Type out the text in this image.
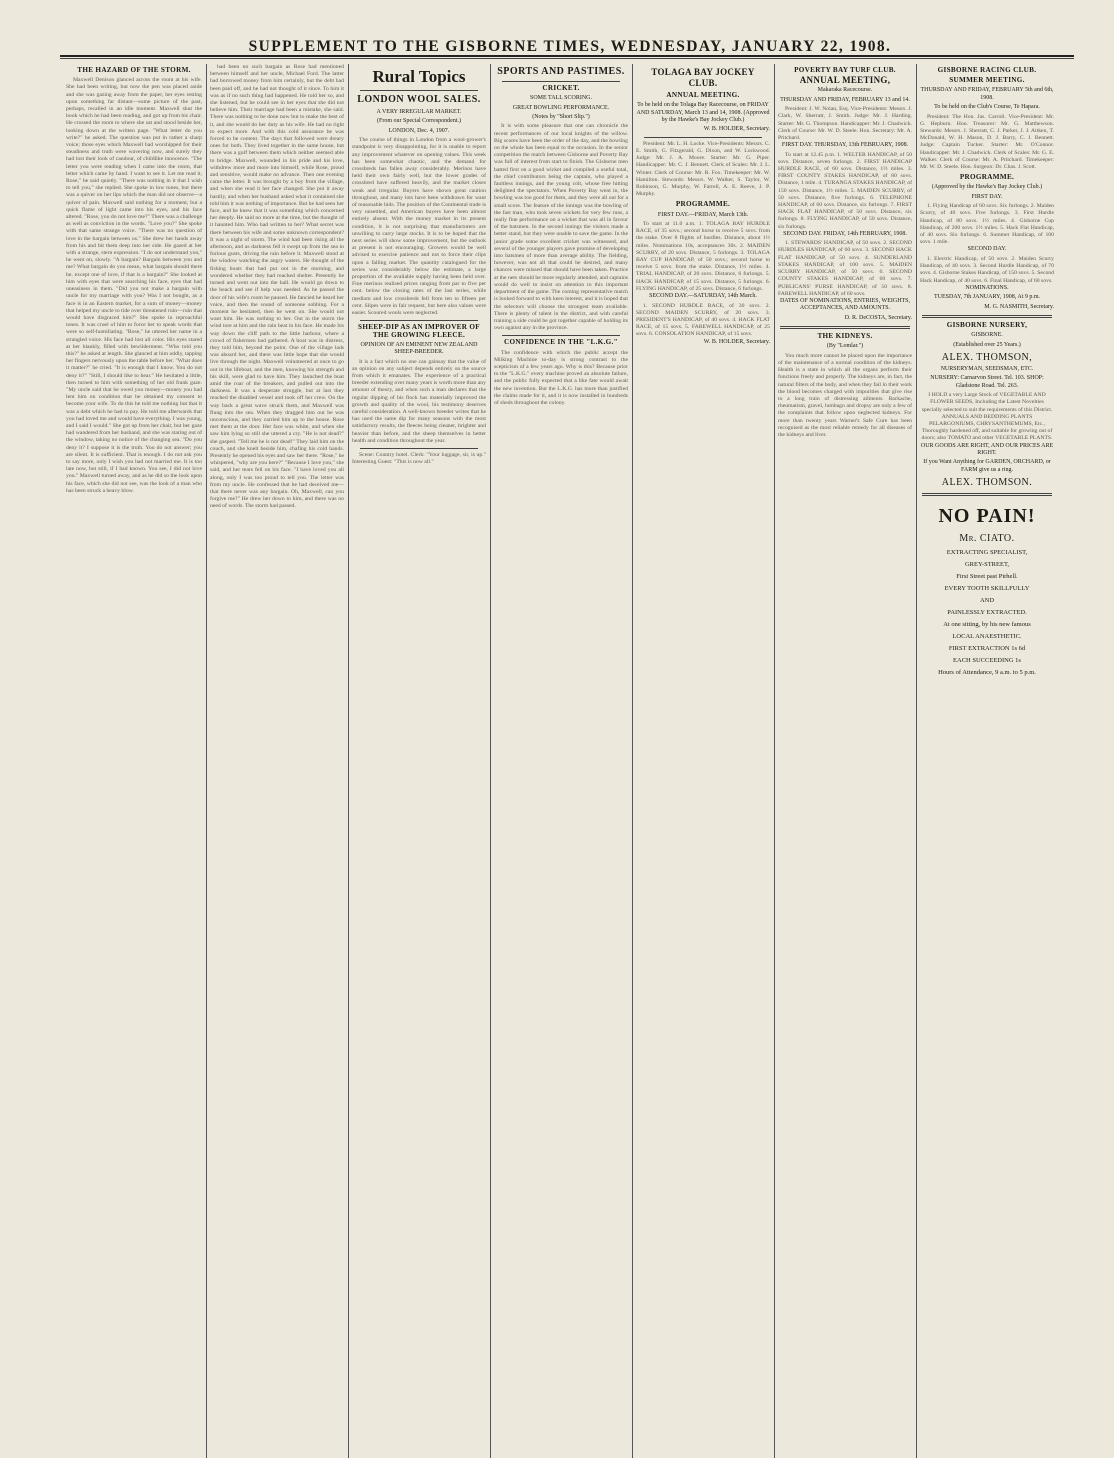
SUPPLEMENT TO THE GISBORNE TIMES, WEDNESDAY, JANUARY 22, 1908.
THE HAZARD OF THE STORM.

Maxwell Denison glanced across the room at his wife. She had been writing, but now the pen was placed aside and she was gazing away from the paper, her eyes resting upon something far distant—some picture of the past, perhaps, recalled in an idle moment. Maxwell shut the book which he had been reading, and got up from his chair. He crossed the room to where she sat and stood beside her, looking down at the written page. "What letter do you write?" he asked. The question was put in rather a sharp voice; those eyes which Maxwell had worshipped for their steadiness and truth were wavering now, and surely they had lost their look of candour, of childlike innocence. "The letter you were reading when I came into the room, that letter which came by hand. I want to see it. Let me read it, Rose," he said quietly. "There was nothing in it that I wish to tell you," she replied. She spoke in low tones, but there was a quiver on her lips which the man did not observe—a quiver of pain. Maxwell said nothing for a moment, but a quick flame of light came into his eyes, and his face altered. "Rose, you do not love me?" There was a challenge as well as conviction in the words. "Love you?" She spoke with that same strange voice. "There was no question of love in the bargain between us." She drew her hands away from his and bit them deep into her side. He gazed at her with a strange, stern expression. "I do not understand you," he went on, slowly. "A bargain? Bargain between you and me? What bargain do you mean, what bargain should there be, except one of love, if that is a bargain?" She looked at him with eyes that were searching his face, eyes that had uneasiness in them. "Did you not make a bargain with uncle for my marriage with you? Was I not bought, as a face is in an Eastern market, for a sum of money—money that helped my uncle to tide over threatened ruin—ruin that would have disgraced him?" She spoke in reproachful tones. It was cruel of him to force her to speak words that were so self-humiliating. "Rose," he uttered her name in a strangled voice. His face had lost all color. His eyes stared at her blankly, filled with bewilderment. "Who told you this?" he asked at length. She glanced at him oddly, tapping her fingers nervously upon the table before her. "What does it matter?" he cried. "It is enough that I know. You do not deny it?" "Still, I should like to hear." He hesitated a little, then turned to him with something of her old frank gaze. "My uncle said that he owed you money—money you had lent him on condition that he obtained my consent to become your wife. To do this he told me nothing but that it was a debt which he had to pay. He told me afterwards that you had loved me and would have everything. I was young, and I said I would." She got up from her chair, but her gaze had wandered from her husband, and she was staring out of the window, taking no notice of the changing sea. "Do you deny it? I suppose it is the truth. You do not answer; you are silent. It is sufficient. That is enough. I do not ask you to say more, only I wish you had not married me. It is too late now, but still, if I had known. You see, I did not love you." Maxwell turned away, and as he did so the look upon his face, which she did not see, was the look of a man who has been struck a heavy blow.

had been no such bargain as Rose had mentioned between himself and her uncle, Michael Ford. The latter had borrowed money from him certainly, but the debt had been paid off, and he had not thought of it since. To him it was as if no such thing had happened. He told her so, and she listened, but he could see in her eyes that she did not believe him. Their marriage had been a mistake, she said. There was nothing to be done now but to make the best of it, and she would do her duty as his wife. He had no right to expect more. And with this cold assurance he was forced to be content. The days that followed were dreary ones for both. They lived together in the same house, but there was a gulf between them which neither seemed able to bridge. Maxwell, wounded in his pride and his love, withdrew more and more into himself, while Rose, proud and sensitive, would make no advance. Then one evening came the letter. It was brought by a boy from the village, and when she read it her face changed. She put it away hastily, and when her husband asked what it contained she told him it was nothing of importance. But he had seen her face, and he knew that it was something which concerned her deeply. He said no more at the time, but the thought of it haunted him. Who had written to her? What secret was there between his wife and some unknown correspondent? It was a night of storm. The wind had been rising all the afternoon, and as darkness fell it swept up from the sea in furious gusts, driving the rain before it. Maxwell stood at the window watching the angry waters. He thought of the fishing boats that had put out in the morning, and wondered whether they had reached shelter. Presently he turned and went out into the hall. He would go down to the beach and see if help was needed. As he passed the door of his wife's room he paused. He fancied he heard her voice, and then the sound of someone sobbing. For a moment he hesitated, then he went on. She would not want him. He was nothing to her. Out in the storm the wind tore at him and the rain beat in his face. He made his way down the cliff path to the little harbour, where a crowd of fishermen had gathered. A boat was in distress, they told him, beyond the point. One of the village lads was aboard her, and there was little hope that she would live through the night. Maxwell volunteered at once to go out in the lifeboat, and the men, knowing his strength and his skill, were glad to have him. They launched the boat amid the roar of the breakers, and pulled out into the darkness. It was a desperate struggle, but at last they reached the disabled vessel and took off her crew. On the way back a great wave struck them, and Maxwell was flung into the sea. When they dragged him out he was unconscious, and they carried him up to the house. Rose met them at the door. Her face was white, and when she saw him lying so still she uttered a cry. "He is not dead?" she gasped. "Tell me he is not dead!" They laid him on the couch, and she knelt beside him, chafing his cold hands. Presently he opened his eyes and saw her there. "Rose," he whispered, "why are you here?" "Because I love you," she said, and her tears fell on his face. "I have loved you all along, only I was too proud to tell you. The letter was from my uncle. He confessed that he had deceived me—that there never was any bargain. Oh, Maxwell, can you forgive me?" He drew her down to him, and there was no need of words. The storm had passed.

Rural Topics
LONDON WOOL SALES.
A VERY IRREGULAR MARKET.
(From our Special Correspondent.)
LONDON, Dec. 4, 1907.

The course of things in London from a wool-grower's standpoint is very disappointing, for it is unable to report any improvement whatever on opening values. This week has been somewhat chaotic, and the demand for crossbreds has fallen away considerably. Merinos have held their own fairly well, but the lower grades of crossbred have suffered heavily, and the market closes weak and irregular. Buyers have shown great caution throughout, and many lots have been withdrawn for want of reasonable bids. The position of the Continental trade is very unsettled, and American buyers have been almost entirely absent. With the money market in its present condition, it is not surprising that manufacturers are unwilling to carry large stocks. It is to be hoped that the next series will show some improvement, but the outlook at present is not encouraging. Growers would be well advised to exercise patience and not to force their clips upon a falling market. The quantity catalogued for the series was considerably below the estimate, a large proportion of the available supply having been held over. Fine merinos realised prices ranging from par to five per cent. below the closing rates of the last series, while medium and low crossbreds fell from ten to fifteen per cent. Slipes were in fair request, but here also values were easier. Scoured wools were neglected.

SHEEP-DIP AS AN IMPROVER OF THE GROWING FLEECE.
OPINION OF AN EMINENT NEW ZEALAND SHEEP-BREEDER.

It is a fact which no one can gainsay that the value of an opinion on any subject depends entirely on the source from which it emanates. The experience of a practical breeder extending over many years is worth more than any amount of theory, and when such a man declares that the regular dipping of his flock has materially improved the growth and quality of the wool, his testimony deserves careful consideration. A well-known breeder writes that he has used the same dip for many seasons with the most satisfactory results, the fleeces being cleaner, brighter and heavier than before, and the sheep themselves in better health and condition throughout the year.

Scene: Country hotel. Clerk: "Your luggage, sir, is up." Interesting Guest: "This is now all."

SPORTS AND PASTIMES.
CRICKET.
SOME TALL SCORING.
GREAT BOWLING PERFORMANCE.
(Notes by "Short Slip.")

It is with some pleasure that one can chronicle the recent performances of our local knights of the willow. Big scores have been the order of the day, and the bowling on the whole has been equal to the occasion. In the senior competition the match between Gisborne and Poverty Bay was full of interest from start to finish. The Gisborne men batted first on a good wicket and compiled a useful total, the chief contributors being the captain, who played a faultless innings, and the young colt, whose free hitting delighted the spectators. When Poverty Bay went in, the bowling was too good for them, and they were all out for a small score. The feature of the innings was the bowling of the fast man, who took seven wickets for very few runs, a really fine performance on a wicket that was all in favour of the batsmen. In the second innings the visitors made a better stand, but they were unable to save the game. In the junior grade some excellent cricket was witnessed, and several of the younger players gave promise of developing into batsmen of more than average ability. The fielding, however, was not all that could be desired, and many chances were missed that should have been taken. Practice at the nets should be more regularly attended, and captains would do well to insist on attention to this important department of the game. The coming representative match is looked forward to with keen interest, and it is hoped that the selectors will choose the strongest team available. There is plenty of talent in the district, and with careful training a side could be got together capable of holding its own against any in the province.

CONFIDENCE IN THE "L.K.G."

The confidence with which the public accept the Milking Machine to-day is strong contrast to the scepticism of a few years ago. Why is this? Because prior to the "L.K.G." every machine proved an absolute failure, and the public fully expected that a like fate would await the new invention. But the L.K.G. has more than justified the claims made for it, and it is now installed in hundreds of sheds throughout the colony.

TOLAGA BAY JOCKEY CLUB.
ANNUAL MEETING.
To be held on the Tolaga Bay Racecourse, on FRIDAY AND SATURDAY, March 13 and 14, 1908. (Approved by the Hawke's Bay Jockey Club.)
W. B. HOLDER, Secretary.

President: Mr. L. H. Locke. Vice-Presidents: Messrs. C. E. Smith, G. Fitzgerald, G. Dixon, and W. Lockwood. Judge: Mr. J. A. Moore. Starter: Mr. G. Piper. Handicapper: Mr. C. J. Bennett. Clerk of Scales: Mr. J. L. Winter. Clerk of Course: Mr. R. Fox. Timekeeper: Mr. W. Hamilton. Stewards: Messrs. W. Walker, S. Taylor, W. Robinson, G. Murphy, W. Farrell, A. E. Reeve, J. P. Murphy.

PROGRAMME.
FIRST DAY.—FRIDAY, March 13th.

To start at 11.0 a.m. 1. TOLAGA BAY HURDLE RACE, of 35 sovs.; second horse to receive 5 sovs. from the stake. Over 8 flights of hurdles. Distance, about 1½ miles. Nominations 10s, acceptances 30s. 2. MAIDEN SCURRY, of 20 sovs. Distance, 5 furlongs. 3. TOLAGA BAY CUP HANDICAP, of 50 sovs.; second horse to receive 5 sovs. from the stake. Distance, 1½ miles. 4. TRIAL HANDICAP, of 20 sovs. Distance, 6 furlongs. 5. HACK HANDICAP, of 15 sovs. Distance, 5 furlongs. 6. FLYING HANDICAP, of 25 sovs. Distance, 6 furlongs.

SECOND DAY.—SATURDAY, 14th March.

1. SECOND HURDLE RACE, of 30 sovs. 2. SECOND MAIDEN SCURRY, of 20 sovs. 3. PRESIDENT'S HANDICAP, of 40 sovs. 4. HACK FLAT RACE, of 15 sovs. 5. FAREWELL HANDICAP, of 25 sovs. 6. CONSOLATION HANDICAP, of 15 sovs.

W. B. HOLDER, Secretary.
POVERTY BAY TURF CLUB.
ANNUAL MEETING,
Makaraka Racecourse.
THURSDAY AND FRIDAY, FEBRUARY 13 and 14.

President: J. W. Nolan, Esq. Vice-Presidents: Messrs. J. Clark, W. Sherratt, J. Smith. Judge: Mr. J. Harding. Starter: Mr. G. Thompson. Handicapper: Mr. J. Chadwick. Clerk of Course: Mr. W. D. Steele. Hon. Secretary: Mr. A. Pritchard.

FIRST DAY. THURSDAY, 13th FEBRUARY, 1908.

To start at 12.45 p.m. 1. WELTER HANDICAP, of 50 sovs. Distance, seven furlongs. 2. FIRST HANDICAP HURDLE RACE, of 60 sovs. Distance, 1½ miles. 3. FIRST COUNTY STAKES HANDICAP, of 80 sovs. Distance, 1 mile. 4. TURANGA STAKES HANDICAP, of 150 sovs. Distance, 1½ miles. 5. MAIDEN SCURRY, of 50 sovs. Distance, five furlongs. 6. TELEPHONE HANDICAP, of 60 sovs. Distance, six furlongs. 7. FIRST HACK FLAT HANDICAP, of 50 sovs. Distance, six furlongs. 8. FLYING HANDICAP, of 50 sovs. Distance, six furlongs.

SECOND DAY. FRIDAY, 14th FEBRUARY, 1908.

1. STEWARDS' HANDICAP, of 50 sovs. 2. SECOND HURDLES HANDICAP, of 60 sovs. 3. SECOND HACK FLAT HANDICAP, of 50 sovs. 4. SUNDERLAND STAKES HANDICAP, of 100 sovs. 5. MAIDEN SCURRY HANDICAP, of 50 sovs. 6. SECOND COUNTY STAKES HANDICAP, of 60 sovs. 7. PUBLICANS' PURSE HANDICAP, of 50 sovs. 8. FAREWELL HANDICAP, of 60 sovs.

DATES OF NOMINATIONS, ENTRIES, WEIGHTS, ACCEPTANCES, AND AMOUNTS.
D. R. DeCOSTA, Secretary.
THE KIDNEYS.
(By "Lomlar.")

You much more cannot be placed upon the importance of the maintenance of a normal condition of the kidneys. Health is a state in which all the organs perform their functions freely and properly. The kidneys are, in fact, the natural filters of the body, and when they fail in their work the blood becomes charged with impurities that give rise to a long train of distressing ailments. Backache, rheumatism, gravel, lumbago and dropsy are only a few of the complaints that follow upon neglected kidneys. For more than twenty years Warner's Safe Cure has been recognised as the most reliable remedy for all diseases of the kidneys and liver.

GISBORNE RACING CLUB.
SUMMER MEETING.
THURSDAY AND FRIDAY, FEBRUARY 5th and 6th, 1908.
To be held on the Club's Course, Te Hapara.

President: The Hon. Jas. Carroll. Vice-President: Mr. G. Hepburn. Hon. Treasurer: Mr. G. Matthewson. Stewards: Messrs. J. Sherratt, C. J. Parker, J. J. Aitken, T. McDonald, W. H. Mason, D. J. Barry, C. J. Bennett. Judge: Captain Tucker. Starter: Mr. O'Connor. Handicapper: Mr. J. Chadwick. Clerk of Scales: Mr. G. E. Walker. Clerk of Course: Mr. A. Pritchard. Timekeeper: Mr. W. D. Steele. Hon. Surgeon: Dr. Chas. J. Scott.

PROGRAMME.
(Approved by the Hawke's Bay Jockey Club.)
FIRST DAY.

1. Flying Handicap of 60 sovs. Six furlongs. 2. Maiden Scurry, of 40 sovs. Five furlongs. 3. First Hurdle Handicap, of 80 sovs. 1½ miles. 4. Gisborne Cup Handicap, of 200 sovs. 1½ miles. 5. Hack Flat Handicap, of 40 sovs. Six furlongs. 6. Summer Handicap, of 100 sovs. 1 mile.

SECOND DAY.

1. Electric Handicap, of 50 sovs. 2. Maiden Scurry Handicap, of 40 sovs. 3. Second Hurdle Handicap, of 70 sovs. 4. Gisborne Stakes Handicap, of 150 sovs. 5. Second Hack Handicap, of 40 sovs. 6. Final Handicap, of 60 sovs.

NOMINATIONS.
TUESDAY, 7th JANUARY, 1908, At 9 p.m.
M. G. NASMITH, Secretary.
GISBORNE NURSERY,
GISBORNE.
(Established over 25 Years.)
ALEX. THOMSON,
NURSERYMAN, SEEDSMAN, ETC.
NURSERY: Carnarvon Street. Tel. 103. SHOP: Gladstone Road. Tel. 263.

I HOLD a very Large Stock of VEGETABLE AND FLOWER SEEDS, Including the Latest Novelties specially selected to suit the requirements of this District. ANNUALS AND BEDDING PLANTS PELARGONIUMS, CHRYSANTHEMUMS, Etc., Thoroughly hardened off, and suitable for growing out of doors; also TOMATO and other VEGETABLE PLANTS.

OUR GOODS ARE RIGHT, AND OUR PRICES ARE RIGHT.
If you Want Anything for GARDEN, ORCHARD, or FARM give us a ring.
ALEX. THOMSON.
NO PAIN!
Mr. CIATO.
EXTRACTING SPECIALIST,
GREY-STREET,
First Street past Pirhell.
EVERY TOOTH SKILLFULLY
AND
PAINLESSLY EXTRACTED.
At one sitting, by his new famous
LOCAL ANAESTHETIC.
FIRST EXTRACTION 1s 6d
EACH SUCCEEDING 1s
Hours of Attendance, 9 a.m. to 5 p.m.
